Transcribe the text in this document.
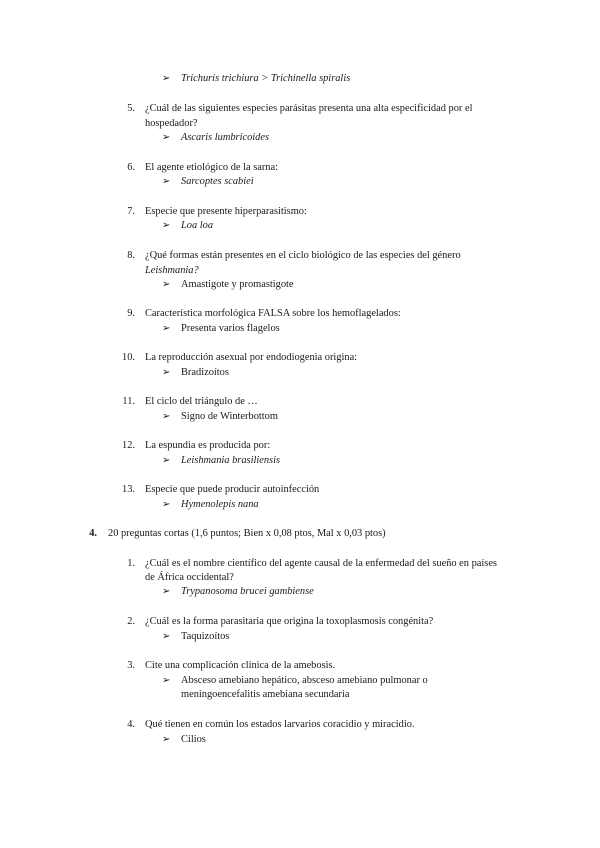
➢ Trichuris trichiura > Trichinella spiralis
5. ¿Cuál de las siguientes especies parásitas presenta una alta especificidad por el
hospedador?
➢ Ascaris lumbricoides
6. El agente etiológico de la sarna:
➢ Sarcoptes scabiei
7. Especie que presente hiperparasitismo:
➢ Loa loa
8. ¿Qué formas están presentes en el ciclo biológico de las especies del género
Leishmania?
➢ Amastigote y promastigote
9. Característica morfológica FALSA sobre los hemoflagelados:
➢ Presenta varios flagelos
10. La reproducción asexual por endodiogenia origina:
➢ Bradizoítos
11. El ciclo del triángulo de …
➢ Signo de Winterbottom
12. La espundia es producida por:
➢ Leishmania brasiliensis
13. Especie que puede producir autoinfección
➢ Hymenolepis nana
4. 20 preguntas cortas (1,6 puntos; Bien x 0,08 ptos, Mal x 0,03 ptos)
1. ¿Cuál es el nombre científico del agente causal de la enfermedad del sueño en países
de África occidental?
➢ Trypanosoma brucei gambiense
2. ¿Cuál es la forma parasitaria que origina la toxoplasmosis congénita?
➢ Taquizoítos
3. Cite una complicación clínica de la amebosis.
➢ Absceso amebiano hepático, absceso amebiano pulmonar o
meningoencefalitis amebiana secundaria
4. Qué tienen en común los estados larvarios coracidio y miracidio.
➢ Cilios
